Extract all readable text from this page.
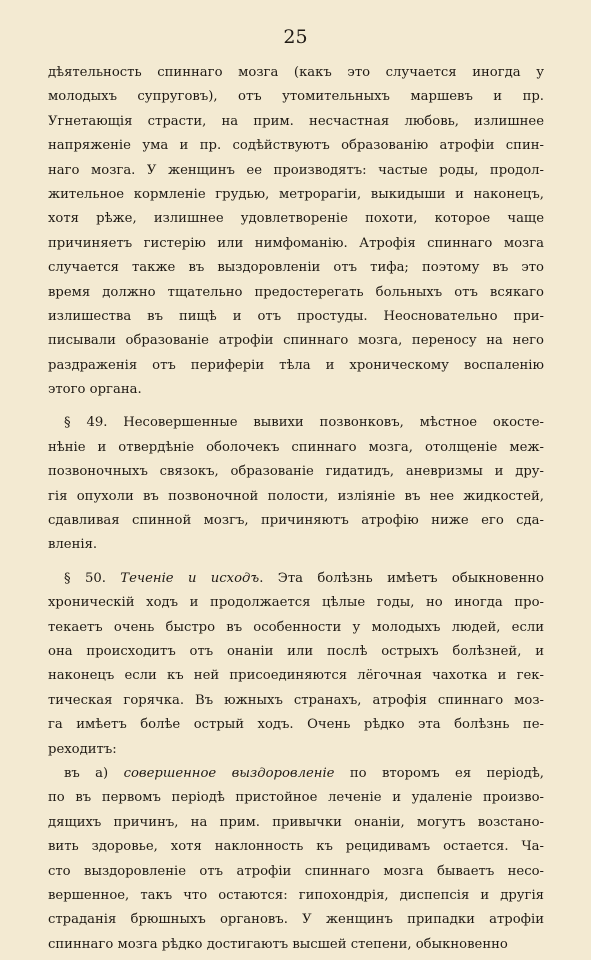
25
дѣятельность спиннаго мозга (какъ это случается иногда у
молодыхъ супруговъ), отъ утомительныхъ маршевъ и пр.
Угнетающія страсти, на прим. несчастная любовь, излишнее
напряженіе ума и пр. содѣйствуютъ образованію атрофіи спин-
наго мозга. У женщинъ ее производятъ: частые роды, продол-
жительное кормленіе грудью, метрорагіи, выкидыши и наконецъ,
хотя рѣже, излишнее удовлетвореніе похоти, которое чаще
причиняетъ гистерію или нимфоманію. Атрофія спиннаго мозга
случается также въ выздоровленіи отъ тифа; поэтому въ это
время должно тщательно предостерегать больныхъ отъ всякаго
излишества въ пищѣ и отъ простуды. Неосновательно при-
писывали образованіе атрофіи спиннаго мозга, переносу на него
раздраженія отъ периферіи тѣла и хроническому воспаленію
этого органа.
§ 49. Несовершенные вывихи позвонковъ, мѣстное окосте-
нѣніе и отвердѣніе оболочекъ спиннаго мозга, отолщеніе меж-
позвоночныхъ связокъ, образованіе гидатидъ, аневризмы и дру-
гія опухоли въ позвоночной полости, изліяніе въ нее жидкостей,
сдавливая спинной мозгъ, причиняютъ атрофію ниже его сда-
вленія.
§ 50. Теченіе и исходъ. Эта болѣзнь имѣетъ обыкновенно
хроническій ходъ и продолжается цѣлые годы, но иногда про-
текаетъ очень быстро въ особенности у молодыхъ людей, если
она происходитъ отъ онаніи или послѣ острыхъ болѣзней, и
наконецъ если къ ней присоединяются лёгочная чахотка и гек-
тическая горячка. Въ южныхъ странахъ, атрофія спиннаго моз-
га имѣетъ болѣе острый ходъ. Очень рѣдко эта болѣзнь пе-
реходитъ:
въ а) совершенное выздоровленіе по второмъ ея періодѣ,
по въ первомъ періодѣ пристойное леченіе и удаленіе произво-
дящихъ причинъ, на прим. привычки онаніи, могутъ возстано-
вить здоровье, хотя наклонность къ рецидивамъ остается. Ча-
сто выздоровленіе отъ атрофіи спиннаго мозга бываетъ несо-
вершенное, такъ что остаются: гипохондрія, диспепсія и другія
страданія брюшныхъ органовъ. У женщинъ припадки атрофіи
спиннаго мозга рѣдко достигаютъ высшей степени, обыкновенно
